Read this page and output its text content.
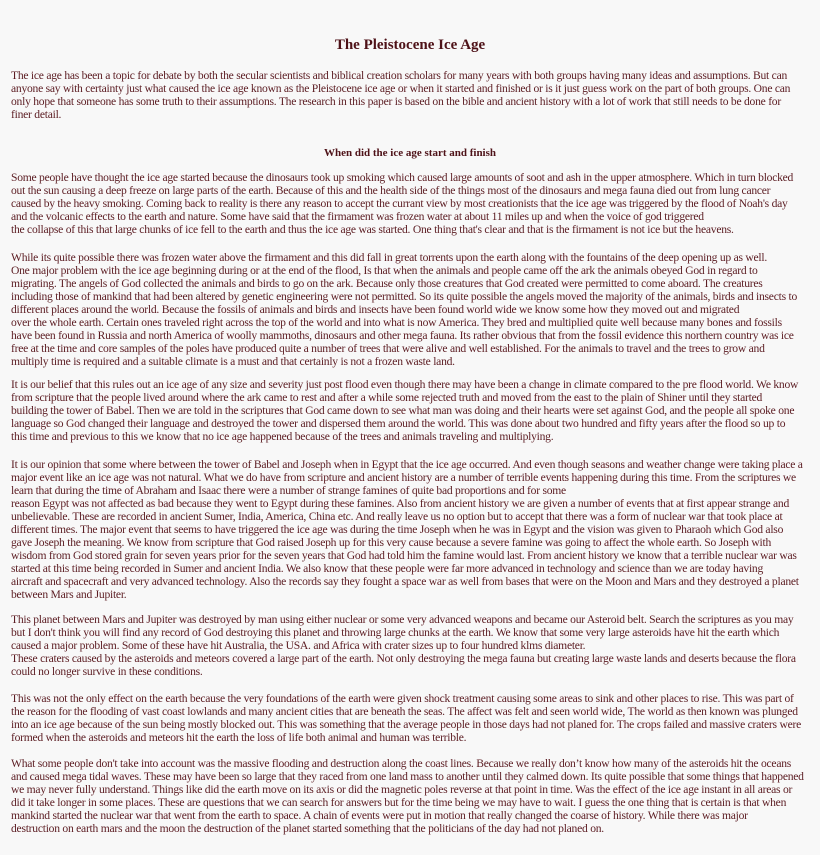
The Pleistocene Ice Age
When did the ice age start and finish
The ice age has been a topic for debate by both the secular scientists and biblical creation scholars for many years with both groups having many ideas and assumptions. But can
anyone say with certainty just what caused the ice age known as the Pleistocene ice age or when it started and finished or is it just guess work on the part of both groups. One can
only hope that someone has some truth to their assumptions. The research in this paper is based on the bible and ancient history with a lot of work that still needs to be done for
finer detail.
Some people have thought the ice age started because the dinosaurs took up smoking which caused large amounts of soot and ash in the upper atmosphere. Which in turn blocked
out the sun causing a deep freeze on large parts of the earth. Because of this and the health side of the things most of the dinosaurs and mega fauna died out from lung cancer
caused by the heavy smoking. Coming back to reality is there any reason to accept the currant view by most creationists that the ice age was triggered by the flood of Noah's day
and the volcanic effects to the earth and nature. Some have said that the firmament was frozen water at about 11 miles up and when the voice of god triggered
the collapse of this that large chunks of ice fell to the earth and thus the ice age was started. One thing that's clear and that is the firmament is not ice but the heavens.
While its quite possible there was frozen water above the firmament and this did fall in great torrents upon the earth along with the fountains of the deep opening up as well.
One major problem with the ice age beginning during or at the end of the flood, Is that when the animals and people came off the ark the animals obeyed God in regard to
migrating. The angels of God collected the animals and birds to go on the ark. Because only those creatures that God created were permitted to come aboard. The creatures
including those of mankind that had been altered by genetic engineering were not permitted. So its quite possible the angels moved the majority of the animals, birds and insects to
different places around the world. Because the fossils of animals and birds and insects have been found world wide we know some how they moved out and migrated
over the whole earth. Certain ones traveled right across the top of the world and into what is now America. They bred and multiplied quite well because many bones and fossils
have been found in Russia and north America of woolly mammoths, dinosaurs and other mega fauna. Its rather obvious that from the fossil evidence this northern country was ice
free at the time and core samples of the poles have produced quite a number of trees that were alive and well established. For the animals to travel and the trees to grow and
multiply time is required and a suitable climate is a must and that certainly is not a frozen waste land.
It is our belief that this rules out an ice age of any size and severity just post flood even though there may have been a change in climate compared to the pre flood world. We know
from scripture that the people lived around where the ark came to rest and after a while some rejected truth and moved from the east to the plain of Shiner until they started
building the tower of Babel. Then we are told in the scriptures that God came down to see what man was doing and their hearts were set against God, and the people all spoke one
language so God changed their language and destroyed the tower and dispersed them around the world. This was done about two hundred and fifty years after the flood so up to
this time and previous to this we know that no ice age happened because of the trees and animals traveling and multiplying.
It is our opinion that some where between the tower of Babel and Joseph when in Egypt that the ice age occurred. And even though seasons and weather change were taking place a
major event like an ice age was not natural. What we do have from scripture and ancient history are a number of terrible events happening during this time. From the scriptures we
learn that during the time of Abraham and Isaac there were a number of strange famines of quite bad proportions and for some
reason Egypt was not affected as bad because they went to Egypt during these famines. Also from ancient history we are given a number of events that at first appear strange and
unbelievable. These are recorded in ancient Sumer, India, America, China etc. And really leave us no option but to accept that there was a form of nuclear war that took place at
different times. The major event that seems to have triggered the ice age was during the time Joseph when he was in Egypt and the vision was given to Pharaoh which God also
gave Joseph the meaning. We know from scripture that God raised Joseph up for this very cause because a severe famine was going to affect the whole earth. So Joseph with
wisdom from God stored grain for seven years prior for the seven years that God had told him the famine would last. From ancient history we know that a terrible nuclear war was
started at this time being recorded in Sumer and ancient India. We also know that these people were far more advanced in technology and science than we are today having
aircraft and spacecraft and very advanced technology. Also the records say they fought a space war as well from bases that were on the Moon and Mars and they destroyed a planet
between Mars and Jupiter.
This planet between Mars and Jupiter was destroyed by man using either nuclear or some very advanced weapons and became our Asteroid belt. Search the scriptures as you may
but I don't think you will find any record of God destroying this planet and throwing large chunks at the earth. We know that some very large asteroids have hit the earth which
caused a major problem. Some of these have hit Australia, the USA. and Africa with crater sizes up to four hundred klms diameter.
These craters caused by the asteroids and meteors covered a large part of the earth. Not only destroying the mega fauna but creating large waste lands and deserts because the flora
could no longer survive in these conditions.
This was not the only effect on the earth because the very foundations of the earth were given shock treatment causing some areas to sink and other places to rise. This was part of
the reason for the flooding of vast coast lowlands and many ancient cities that are beneath the seas. The affect was felt and seen world wide, The world as then known was plunged
into an ice age because of the sun being mostly blocked out. This was something that the average people in those days had not planed for. The crops failed and massive craters were
formed when the asteroids and meteors hit the earth the loss of life both animal and human was terrible.
What some people don't take into account was the massive flooding and destruction along the coast lines. Because we really don’t know how many of the asteroids hit the oceans
and caused mega tidal waves. These may have been so large that they raced from one land mass to another until they calmed down. Its quite possible that some things that happened
we may never fully understand. Things like did the earth move on its axis or did the magnetic poles reverse at that point in time. Was the effect of the ice age instant in all areas or
did it take longer in some places. These are questions that we can search for answers but for the time being we may have to wait. I guess the one thing that is certain is that when
mankind started the nuclear war that went from the earth to space. A chain of events were put in motion that really changed the coarse of history. While there was major
destruction on earth mars and the moon the destruction of the planet started something that the politicians of the day had not planed on.
